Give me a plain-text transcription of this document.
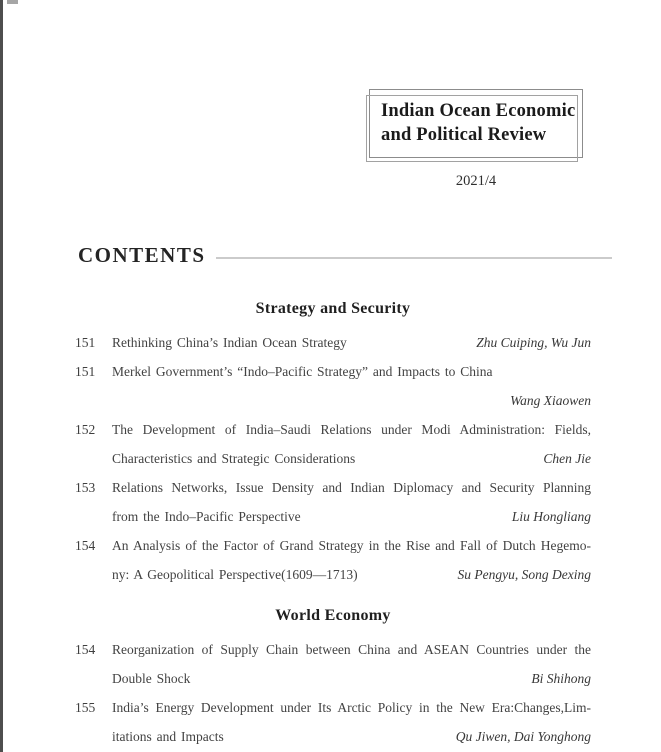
Indian Ocean Economic
and Political Review
2021/4
CONTENTS
Strategy and Security
151	Rethinking China’s Indian Ocean Strategy	Zhu Cuiping, Wu Jun
151	Merkel Government’s “Indo–Pacific Strategy” and Impacts to China
Wang Xiaowen
152	The Development of India–Saudi Relations under Modi Administration: Fields,
Characteristics and Strategic Considerations	Chen Jie
153	Relations Networks, Issue Density and Indian Diplomacy and Security Planning
from the Indo–Pacific Perspective	Liu Hongliang
154	An Analysis of the Factor of Grand Strategy in the Rise and Fall of Dutch Hegemo-
ny: A Geopolitical Perspective(1609—1713)	Su Pengyu, Song Dexing
World Economy
154	Reorganization of Supply Chain between China and ASEAN Countries under the
Double Shock	Bi Shihong
155	India’s Energy Development under Its Arctic Policy in the New Era:Changes,Lim-
itations and Impacts	Qu Jiwen, Dai Yonghong
